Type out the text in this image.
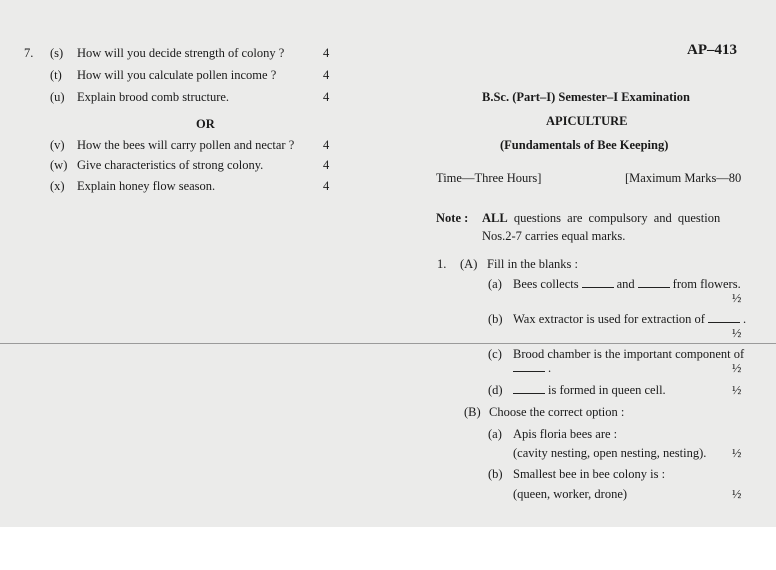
7. (s) How will you decide strength of colony ?	4
(t) How will you calculate pollen income ?	4
(u) Explain brood comb structure.	4
OR
(v) How the bees will carry pollen and nectar ? 4
(w) Give characteristics of strong colony.	4
(x) Explain honey flow season.	4
AP–413
B.Sc. (Part–I) Semester–I Examination
APICULTURE
(Fundamentals of Bee Keeping)
Time—Three Hours]	[Maximum Marks—80
Note : ALL questions are compulsory and question
Nos.2-7 carries equal marks.
1. (A) Fill in the blanks :
(a) Bees collects	and	from flowers.
½
(b) Wax extractor is used for extraction of	.
½
(c) Brood chamber is the important component of
.	½
(d)	is formed in queen cell.	½
(B) Choose the correct option :
(a) Apis floria bees are :
(cavity nesting, open nesting, nesting). ½
(b) Smallest bee in bee colony is :
(queen, worker, drone)	½
